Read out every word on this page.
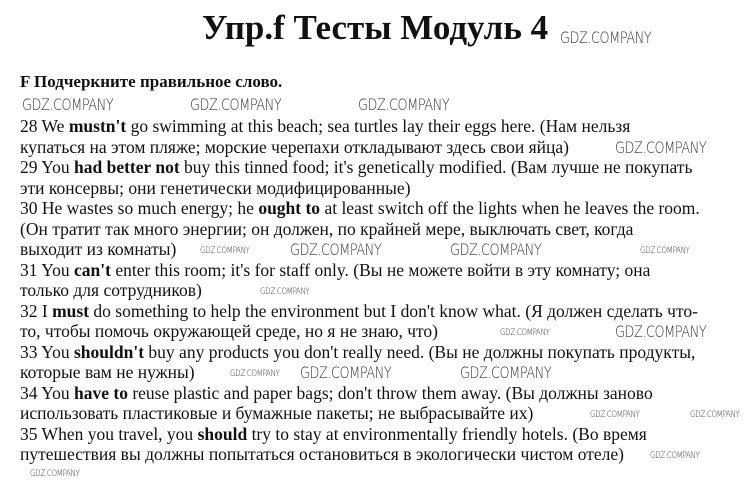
Упр.f Тесты Модуль 4
F Подчеркните правильное слово.
28 We mustn't go swimming at this beach; sea turtles lay their eggs here. (Нам нельзя
купаться на этом пляже; морские черепахи откладывают здесь свои яйца)
29 You had better not buy this tinned food; it's genetically modified. (Вам лучше не покупать
эти консервы; они генетически модифицированные)
30 He wastes so much energy; he ought to at least switch off the lights when he leaves the room.
(Он тратит так много энергии; он должен, по крайней мере, выключать свет, когда
выходит из комнаты)
31 You can't enter this room; it's for staff only. (Вы не можете войти в эту комнату; она
только для сотрудников)
32 I must do something to help the environment but I don't know what. (Я должен сделать что-
то, чтобы помочь окружающей среде, но я не знаю, что)
33 You shouldn't buy any products you don't really need. (Вы не должны покупать продукты,
которые вам не нужны)
34 You have to reuse plastic and paper bags; don't throw them away. (Вы должны заново
использовать пластиковые и бумажные пакеты; не выбрасывайте их)
35 When you travel, you should try to stay at environmentally friendly hotels. (Во время
путешествия вы должны попытаться остановиться в экологически чистом отеле)
GDZ.COMPANY
GDZ.COMPANY	GDZ.COMPANY	GDZ.COMPANY
GDZ.COMPANY
GDZ.COMPANY	GDZ.COMPANY	GDZ.COMPANY	GDZ.COMPANY
GDZ.COMPANY
GDZ.COMPANY	GDZ.COMPANY
GDZ.COMPANY GDZ.COMPANY	GDZ.COMPANY
GDZ.COMPANY	GDZ.COMPANY
GDZ.COMPANY
GDZ.COMPANY
